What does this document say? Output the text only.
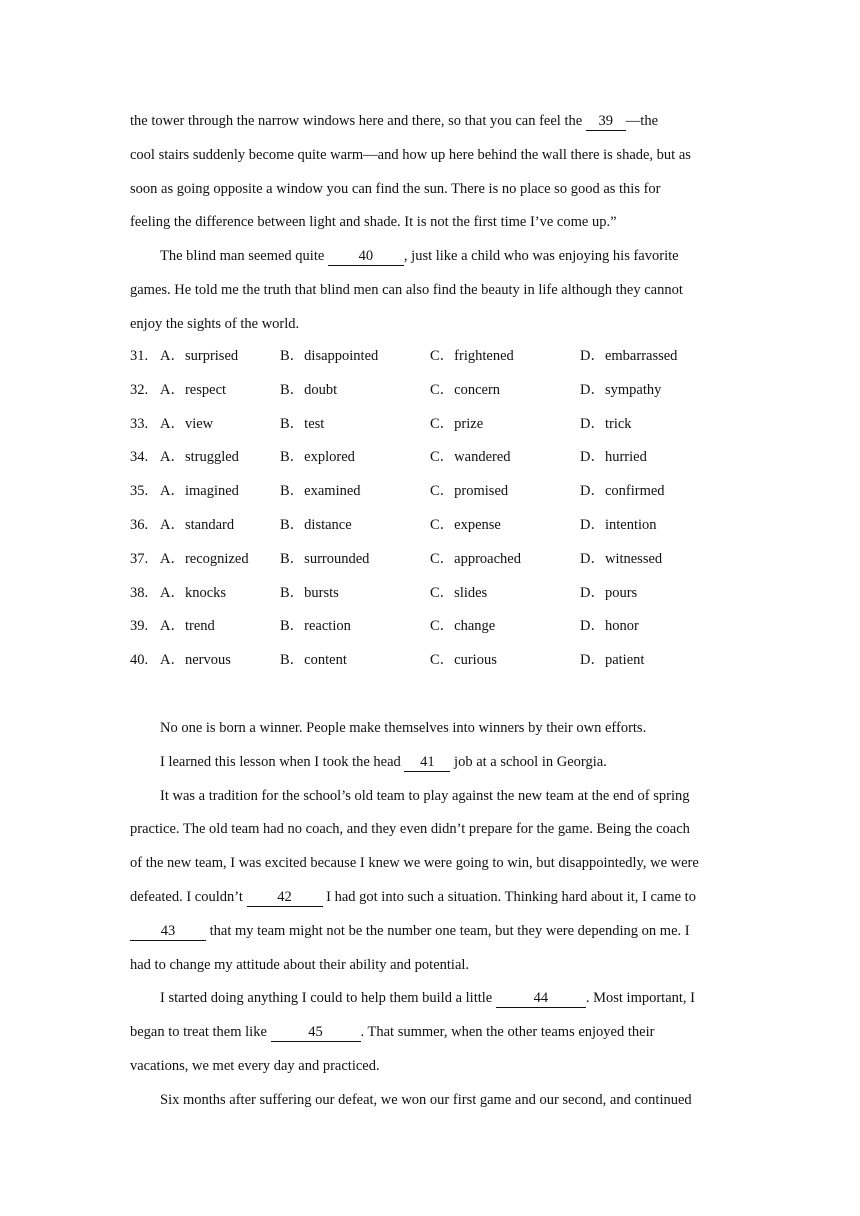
the tower through the narrow windows here and there, so that you can feel the 39 —the
cool stairs suddenly become quite warm—and how up here behind the wall there is shade, but as
soon as going opposite a window you can find the sun. There is no place so good as this for
feeling the difference between light and shade. It is not the first time I’ve come up.”
The blind man seemed quite 40 , just like a child who was enjoying his favorite
games. He told me the truth that blind men can also find the beauty in life although they cannot
enjoy the sights of the world.
31. A．surprised	B．disappointed	C．frightened	D．embarrassed
32. A．respect	B．doubt	C．concern	D．sympathy
33. A．view	B．test	C．prize	D．trick
34. A．struggled	B．explored	C．wandered	D．hurried
35. A．imagined	B．examined	C．promised	D．confirmed
36. A．standard	B．distance	C．expense	D．intention
37. A．recognized B．surrounded	C．approached	D．witnessed
38. A．knocks	B．bursts	C．slides	D．pours
39. A．trend	B．reaction	C．change	D．honor
40. A．nervous	B．content	C．curious	D．patient
No one is born a winner. People make themselves into winners by their own efforts.
I learned this lesson when I took the head 41 job at a school in Georgia.
It was a tradition for the school’s old team to play against the new team at the end of spring
practice. The old team had no coach, and they even didn’t prepare for the game. Being the coach
of the new team, I was excited because I knew we were going to win, but disappointedly, we were
defeated. I couldn’t 42 I had got into such a situation. Thinking hard about it, I came to
43 that my team might not be the number one team, but they were depending on me. I
had to change my attitude about their ability and potential.
I started doing anything I could to help them build a little	44	. Most important, I
began to treat them like	45	. That summer, when the other teams enjoyed their
vacations, we met every day and practiced.
Six months after suffering our defeat, we won our first game and our second, and continued
